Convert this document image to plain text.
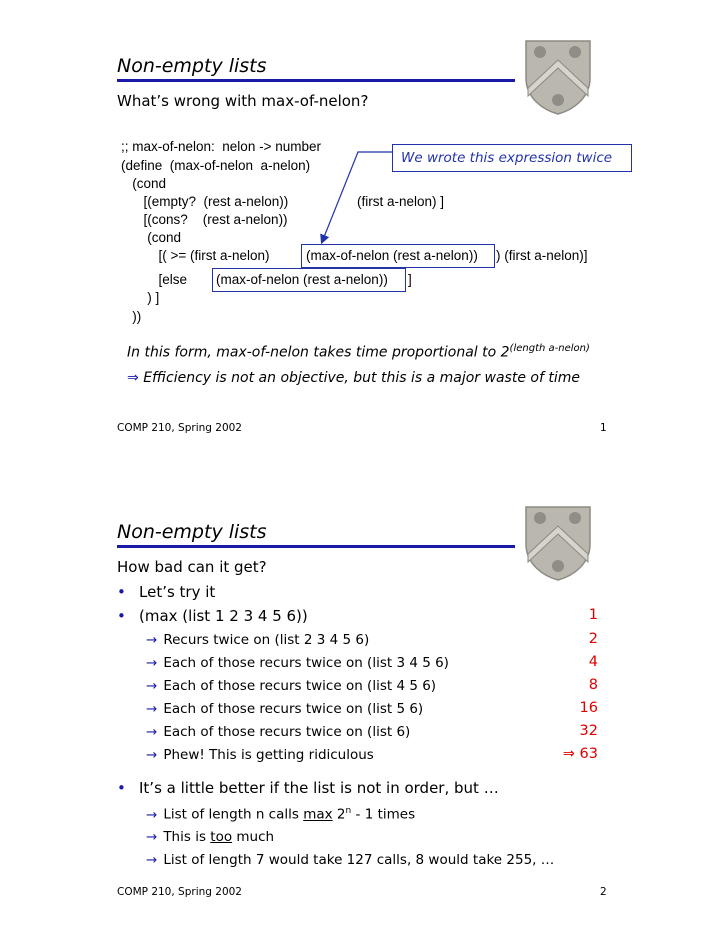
Non-empty lists
What’s wrong with max-of-nelon?
;; max-of-nelon:  nelon -> number
(define  (max-of-nelon  a-nelon)
(cond
[(empty?  (rest a-nelon))	(first a-nelon) ]
[(cons?    (rest a-nelon))
(cond
[( >= (first a-nelon)	(max-of-nelon (rest a-nelon)) ) (first a-nelon)]
[else (max-of-nelon (rest a-nelon)) ]
) ]
))
We wrote this expression twice
In this form, max-of-nelon takes time proportional to $2^{(length a-nelon)}$
⇒ Efficiency is not an objective, but this is a major waste of time
COMP 210, Spring 2002	1
Non-empty lists
How bad can it get?
• Let’s try it
• (max (list 1 2 3 4 5 6))	1
→ Recurs twice on (list 2 3 4 5 6)	2
→ Each of those recurs twice on (list 3 4 5 6)	4
→ Each of those recurs twice on (list 4 5 6)	8
→ Each of those recurs twice on (list 5 6)	16
→ Each of those recurs twice on (list 6)	32
→ Phew! This is getting ridiculous	⇒ 63
• It’s a little better if the list is not in order, but …
→ List of length n calls max 2$^n$ - 1 times
→ This is too much
→ List of length 7 would take 127 calls, 8 would take 255, …
COMP 210, Spring 2002	2
